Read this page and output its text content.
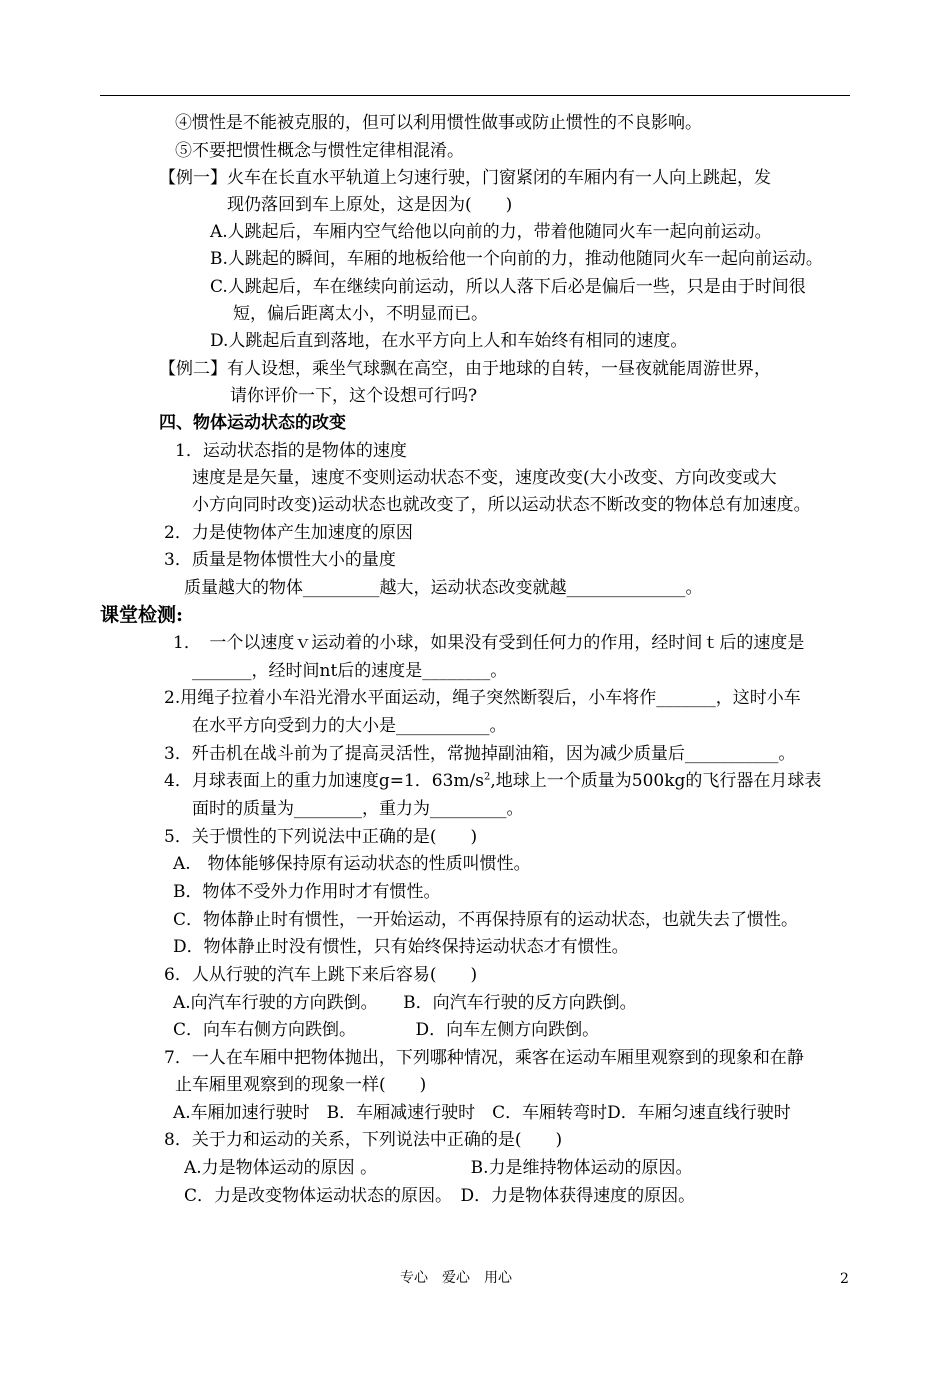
④惯性是不能被克服的，但可以利用惯性做事或防止惯性的不良影响。
⑤不要把惯性概念与惯性定律相混淆。
【例一】火车在长直水平轨道上匀速行驶，门窗紧闭的车厢内有一人向上跳起，发
现仍落回到车上原处，这是因为(　　)
A.人跳起后，车厢内空气给他以向前的力，带着他随同火车一起向前运动。
B.人跳起的瞬间，车厢的地板给他一个向前的力，推动他随同火车一起向前运动。
C.人跳起后，车在继续向前运动，所以人落下后必是偏后一些，只是由于时间很
短，偏后距离太小，不明显而已。
D.人跳起后直到落地，在水平方向上人和车始终有相同的速度。
【例二】有人设想，乘坐气球飘在高空，由于地球的自转，一昼夜就能周游世界，
请你评价一下，这个设想可行吗?
四、物体运动状态的改变
1．运动状态指的是物体的速度
速度是是矢量，速度不变则运动状态不变，速度改变(大小改变、方向改变或大
小方向同时改变)运动状态也就改变了，所以运动状态不断改变的物体总有加速度。
2．力是使物体产生加速度的原因
3．质量是物体惯性大小的量度
质量越大的物体_________越大，运动状态改变就越______________。
课堂检测:
1．　一个以速度ｖ运动着的小球，如果没有受到任何力的作用，经时间ｔ后的速度是
_______，经时间nt后的速度是________。
2.用绳子拉着小车沿光滑水平面运动，绳子突然断裂后，小车将作_______，这时小车
在水平方向受到力的大小是___________。
3．歼击机在战斗前为了提高灵活性，常抛掉副油箱，因为减少质量后___________。
4．月球表面上的重力加速度g=1．$63m/s^2$,地球上一个质量为500kg的飞行器在月球表
面时的质量为________，重力为_________。
5．关于惯性的下列说法中正确的是(　　)
A.　物体能够保持原有运动状态的性质叫惯性。
B．物体不受外力作用时才有惯性。
C．物体静止时有惯性，一开始运动，不再保持原有的运动状态，也就失去了惯性。
D．物体静止时没有惯性，只有始终保持运动状态才有惯性。
6．人从行驶的汽车上跳下来后容易(　　)
A.向汽车行驶的方向跌倒。　　B．向汽车行驶的反方向跌倒。
C．向车右侧方向跌倒。　　　　D．向车左侧方向跌倒。
7．一人在车厢中把物体抛出，下列哪种情况，乘客在运动车厢里观察到的现象和在静
止车厢里观察到的现象一样(　　)
A.车厢加速行驶时　B．车厢减速行驶时　C．车厢转弯时D．车厢匀速直线行驶时
8．关于力和运动的关系，下列说法中正确的是(　　)
A.力是物体运动的原因 。　　　　　　B.力是维持物体运动的原因。
C．力是改变物体运动状态的原因。　D．力是物体获得速度的原因。
专心　爱心　用心	2
